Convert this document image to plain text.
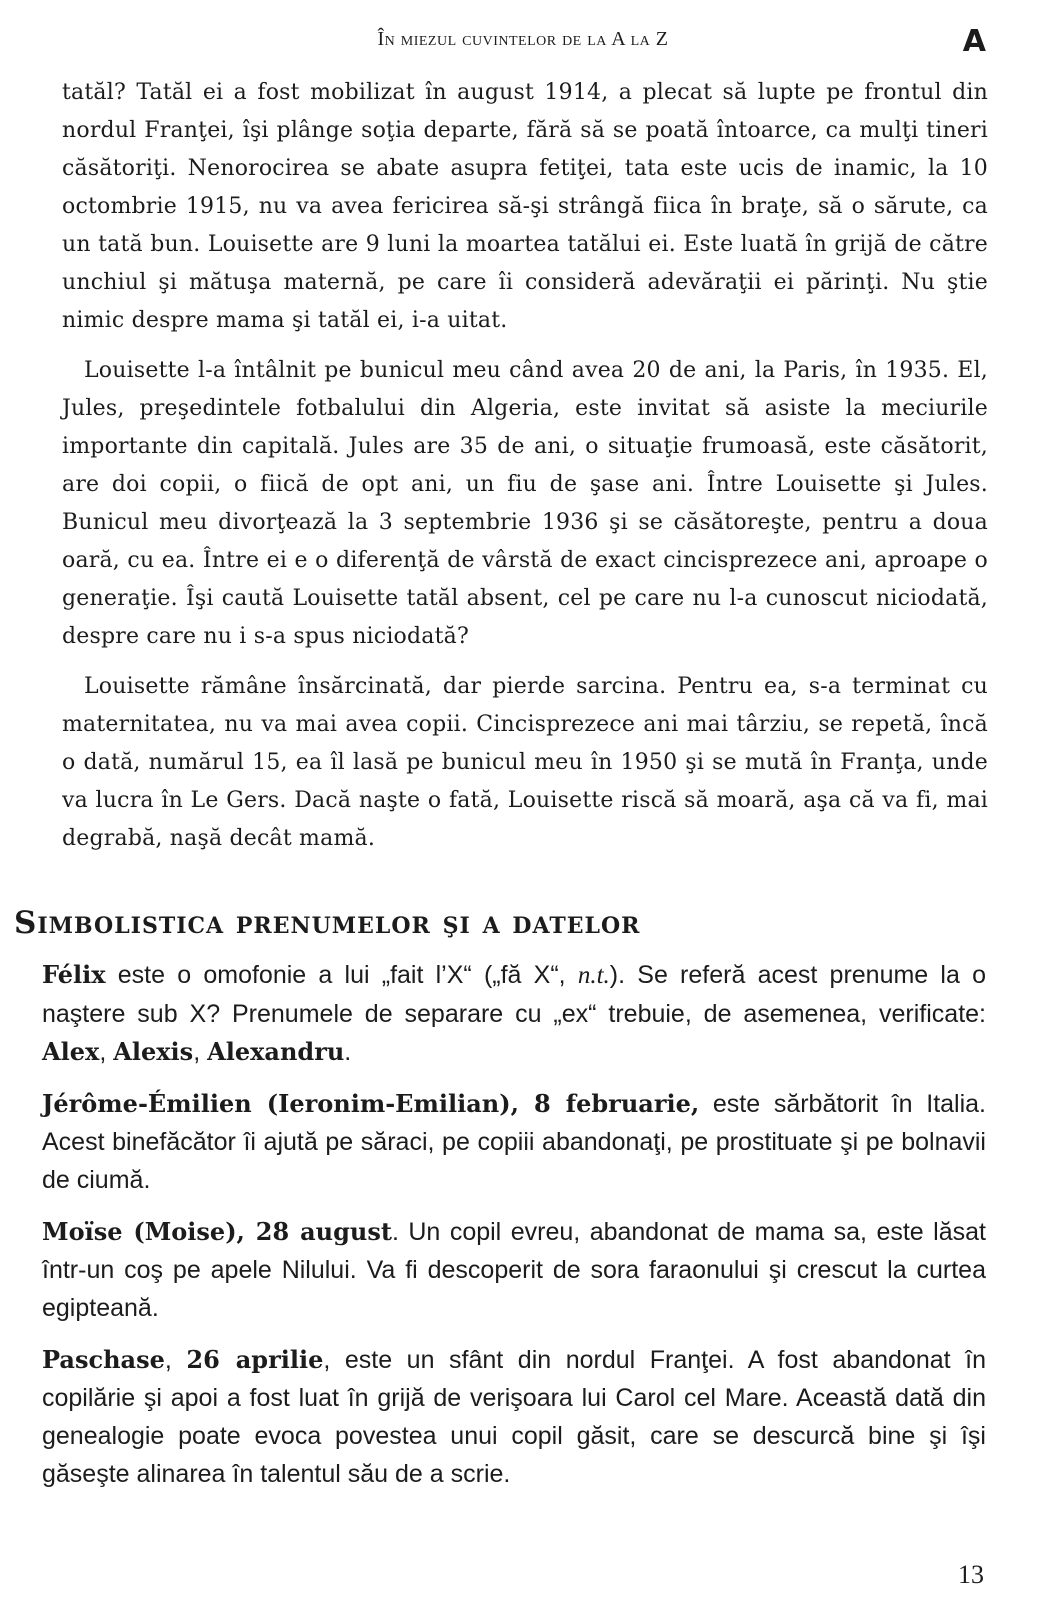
În miezul cuvintelor de la A la Z	A

tatăl? Tatăl ei a fost mobilizat în august 1914, a plecat să lupte pe frontul din nordul Franţei, îşi plânge soţia departe, fără să se poată întoarce, ca mulţi tineri căsătoriţi. Nenorocirea se abate asupra fetiţei, tata este ucis de inamic, la 10 octombrie 1915, nu va avea fericirea să-şi strângă fiica în braţe, să o sărute, ca un tată bun. Louisette are 9 luni la moartea tatălui ei. Este luată în grijă de către unchiul şi mătuşa maternă, pe care îi consideră adevăraţii ei părinţi. Nu ştie nimic despre mama şi tatăl ei, i-a uitat.

Louisette l-a întâlnit pe bunicul meu când avea 20 de ani, la Paris, în 1935. El, Jules, preşedintele fotbalului din Algeria, este invitat să asiste la meciurile importante din capitală. Jules are 35 de ani, o situaţie frumoasă, este căsătorit, are doi copii, o fiică de opt ani, un fiu de şase ani. Între Louisette şi Jules. Bunicul meu divorţează la 3 septembrie 1936 şi se căsătoreşte, pentru a doua oară, cu ea. Între ei e o diferenţă de vârstă de exact cincisprezece ani, aproape o generaţie. Îşi caută Louisette tatăl absent, cel pe care nu l-a cunoscut niciodată, despre care nu i s-a spus niciodată?

Louisette rămâne însărcinată, dar pierde sarcina. Pentru ea, s-a terminat cu maternitatea, nu va mai avea copii. Cincisprezece ani mai târziu, se repetă, încă o dată, numărul 15, ea îl lasă pe bunicul meu în 1950 şi se mută în Franţa, unde va lucra în Le Gers. Dacă naşte o fată, Louisette riscă să moară, aşa că va fi, mai degrabă, naşă decât mamă.

Simbolistica prenumelor şi a datelor

Félix este o omofonie a lui „fait l’X“ („fă X“, n.t.). Se referă acest prenume la o naştere sub X? Prenumele de separare cu „ex“ trebuie, de asemenea, verificate: Alex, Alexis, Alexandru.

Jérôme-Émilien (Ieronim-Emilian), 8 februarie, este sărbătorit în Italia. Acest binefăcător îi ajută pe săraci, pe copiii abandonaţi, pe prostituate şi pe bolnavii de ciumă.

Moïse (Moise), 28 august. Un copil evreu, abandonat de mama sa, este lăsat într-un coş pe apele Nilului. Va fi descoperit de sora faraonului şi crescut la curtea egipteană.

Paschase, 26 aprilie, este un sfânt din nordul Franţei. A fost abandonat în copilărie şi apoi a fost luat în grijă de verişoara lui Carol cel Mare. Această dată din genealogie poate evoca povestea unui copil găsit, care se descurcă bine şi îşi găseşte alinarea în talentul său de a scrie.

13
